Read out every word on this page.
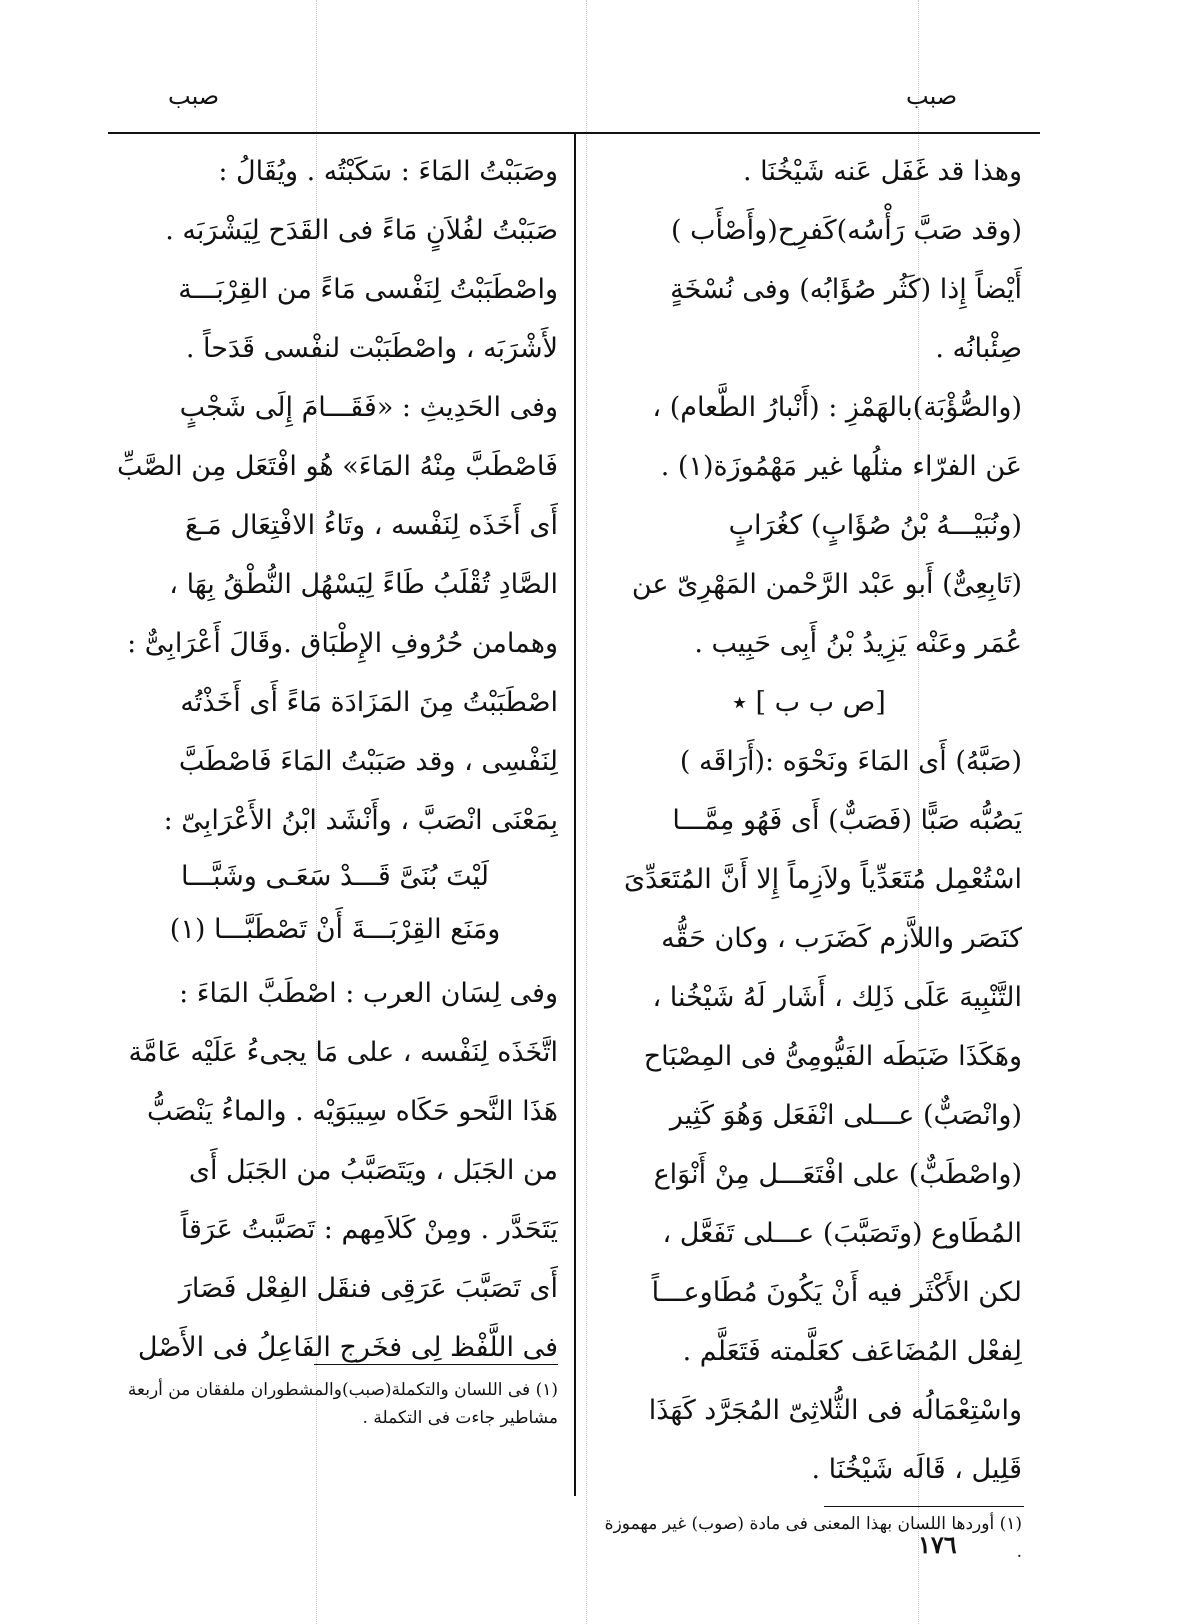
صبب
صبب
وهذا قد غَفَل عَنه شَيْخُنَا .
(وقد صَبَّ رَأْسُه)كَفرِح(وأَصْأَب )
أَيْضاً إِذا (كَثُر صُؤَابُه) وفى نُسْخَةٍ
صِئْبانُه .
(والصُّؤْبَة)بالهَمْزِ : (أَنْبارُ الطَّعام) ،
عَن الفرّاء مثلُها غير مَهْمُوزَة(١) .
(ونُبَيْـــهُ بْنُ صُؤَابٍ) كغُرَابٍ
(تَابِعِىٌّ) أَبو عَبْد الرَّحْمن المَهْرِىّ عن
عُمَر وعَنْه يَزِيدُ بْنُ أَبِى حَبِيب .
[ص ب ب ] ٭
(صَبَّهُ) أَى المَاءَ ونَحْوَه :(أَرَاقَه )
يَصُبُّه صَبًّا (فَصَبٌّ) أَى فَهُو مِمَّـــا
اسْتُعْمِل مُتَعَدِّياً ولاَزِماً إِلا أَنَّ المُتَعَدِّىَ
كنَصَر واللاَّزم كَضَرَب ، وكان حَقُّه
التَّنْبِيهَ عَلَى ذَلِك ، أَشَار لَهُ شَيْخُنا ،
وهَكَذَا ضَبَطَه الفَيُّومِىُّ فى المِصْبَاح
(وانْصَبٌّ) عـــلى انْفَعَل وَهُوَ كَثِير
(واصْطَبٌّ) على افْتَعَـــل مِنْ أَنْوَاع
المُطَاوع (وتَصَبَّبَ) عـــلى تَفَعَّل ،
لكن الأَكْثَر فيه أَنْ يَكُونَ مُطَاوعـــاً
لِفعْل المُضَاعَف كعَلَّمته فَتَعَلَّم .
واسْتِعْمَالُه فى الثُّلاثِىّ المُجَرَّد كَهَذَا
قَلِيل ، قَالَه شَيْخُنَا .
(١) أوردها اللسان بهذا المعنى فى مادة (صوب) غير مهموزة .
وصَبَبْتُ المَاءَ : سَكَبْتُه . ويُقَالُ :
صَبَبْتُ لفُلاَنٍ مَاءً فى القَدَح لِيَشْرَبَه .
واصْطَبَبْتُ لِنَفْسى مَاءً من القِرْبَـــة
لأَشْرَبَه ، واصْطَبَبْت لنفْسى قَدَحاً .
وفى الحَدِيثِ : «فَقَـــامَ إِلَى شَجْبٍ
فَاصْطَبَّ مِنْهُ المَاءَ» هُو افْتَعَل مِن الصَّبِّ
أَى أَخَذَه لِنَفْسه ، وتَاءُ الافْتِعَال مَـعَ
الصَّادِ تُقْلَبُ طَاءً لِيَسْهُل النُّطْقُ بِهَا ،
وهمامن حُرُوفِ الإِطْبَاق .وقَالَ أَعْرَابِىٌّ :
اصْطَبَبْتُ مِنَ المَزَادَة مَاءً أَى أَخَذْتُه
لِنَفْسِى ، وقد صَبَبْتُ المَاءَ فَاصْطَبَّ
بِمَعْنَى انْصَبَّ ، وأَنْشَد ابْنُ الأَعْرَابِىّ :
لَيْتَ بُنَىَّ قَـــدْ سَعَـى وشَبَّـــا
ومَنَع القِرْبَـــةَ أَنْ تَصْطَبَّـــا (١)
وفى لِسَان العرب : اصْطَبَّ المَاءَ :
اتَّخَذَه لِنَفْسه ، على مَا يجىءُ عَلَيْه عَامَّة
هَذَا النَّحو حَكَاه سِيبَوَيْه . والماءُ يَنْصَبُّ
من الجَبَل ، ويَتَصَبَّبُ من الجَبَل أَى
يَتَحَدَّر . ومِنْ كَلاَمِهم : تَصَبَّبتُ عَرَقاً
أَى تَصَبَّبَ عَرَقِى فنقَل الفِعْل فَصَارَ
فى اللَّفْظ لِى فخَرج الفَاعِلُ فى الأَصْل
(١) فى اللسان والتكملة(صبب)والمشطوران ملفقان من أربعة
مشاطير جاءت فى التكملة .
١٧٦
